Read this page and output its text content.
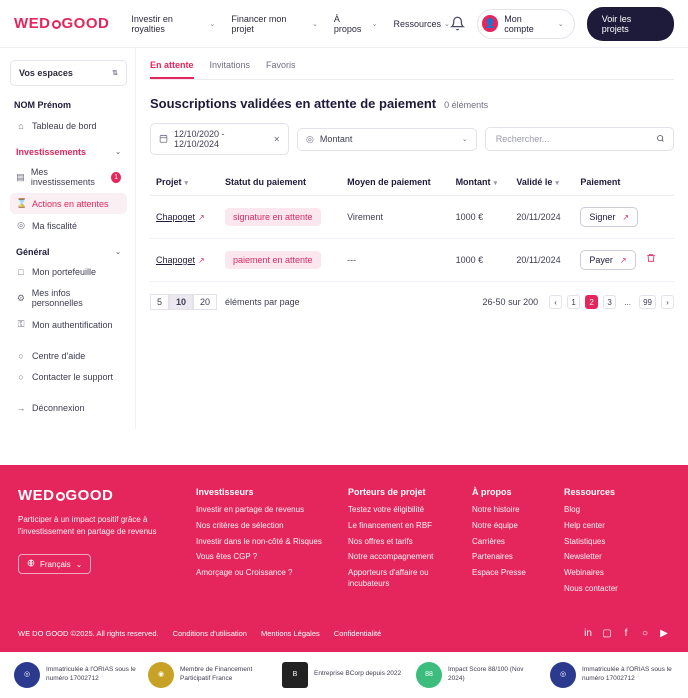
WED GOOD Investir en royalties	⌄
Financer mon projet	⌄
À propos	⌄ Ressources ⌄	👤 Mon compte	⌄
Voir les projets
Vos espaces	⇅
NOM Prénom
⌂ Tableau de bord
Investissements	⌄
▤ Mes investissements	1
⌛ Actions en attentes
◎ Ma fiscalité
Général	⌄
□ Mon portefeuille
⚙ Mes infos personnelles
⚿ Mon authentification
○ Centre d'aide
○ Contacter le support
→ Déconnexion
En attente Invitations Favoris
Souscriptions validées en attente de paiement 0 éléments
12/10/2020 - 12/10/2024	✕	◎ Montant	⌄
Rechercher...
Projet ▾	Statut du paiement	Moyen de paiement	Montant ▾	Validé le ▾	Paiement
Chapoget ↗	signature en attente	Virement	1000 €	20/11/2024	Signer ↗

Chapoget ↗	paiement en attente	---	1000 €	20/11/2024	Payer ↗

5	10	20	éléments par page	26-50 sur 200	‹	1	2	3	...	99	›
WED GOOD
Participer à un impact positif grâce à l'investissement en partage de revenus
Français ⌄
Investisseurs
Investir en partage de revenus
Nos critères de sélection
Investir dans le non-côté & Risques
Vous êtes CGP ?
Amorçage ou Croissance ?
Porteurs de projet
Testez votre éligibilité
Le financement en RBF
Nos offres et tarifs
Notre accompagnement
Apporteurs d'affaire ou incubateurs
À propos
Notre histoire
Notre équipe
Carrières
Partenaires
Espace Presse
Ressources
Blog
Help center
Statistiques
Newsletter
Webinaires
Nous contacter
WE DO GOOD ©2025. All rights reserved. Conditions d'utilisation Mentions Légales Confidentialité	in ▢	f	○ ▶
◎
Immatriculée à l'ORIAS sous le numéro 17002712
◉
Membre de Financement Participatif France
B	Entreprise BCorp depuis 2022	88
Impact Score 88/100 (Nov 2024)
◎
Immatriculée à l'ORIAS sous le numéro 17002712
